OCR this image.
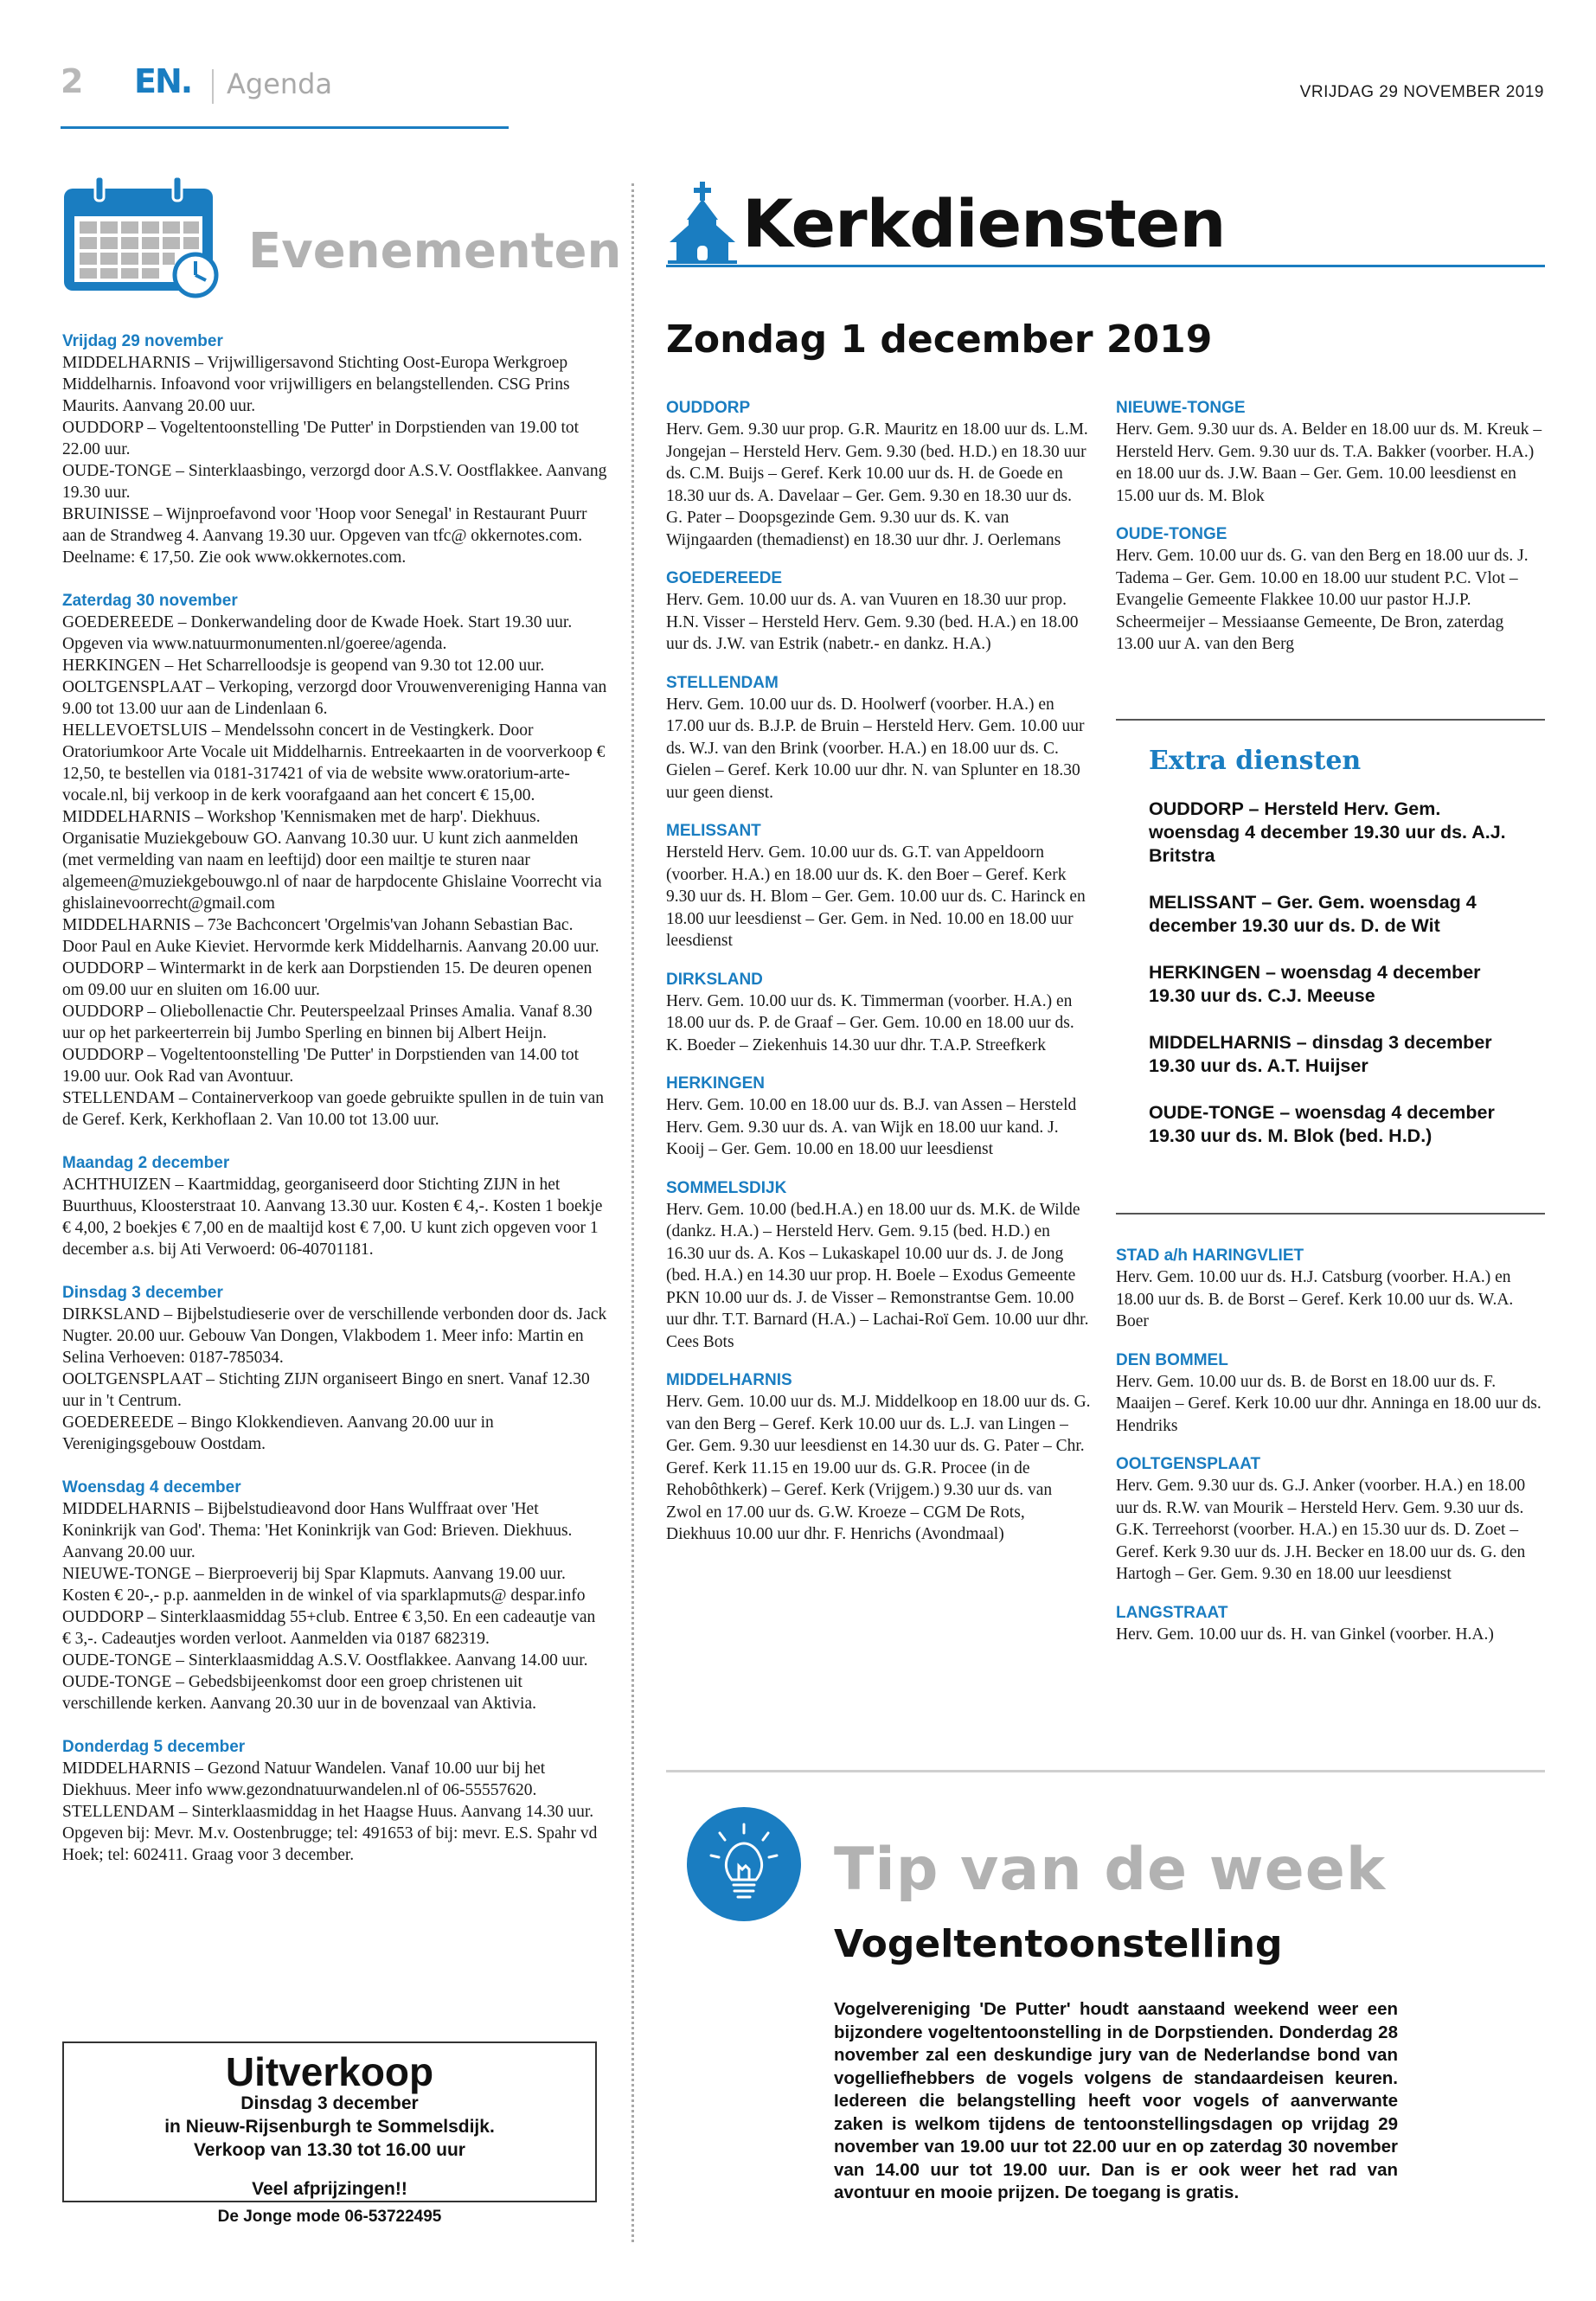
2 EN. Agenda	VRIJDAG 29 NOVEMBER 2019
Evenementen
Vrijdag 29 november
MIDDELHARNIS – Vrijwilligersavond Stichting Oost-Europa Werkgroep Middelharnis. Infoavond voor vrijwilligers en belangstellenden. CSG Prins Maurits. Aanvang 20.00 uur.
OUDDORP – Vogeltentoonstelling 'De Putter' in Dorpstienden van 19.00 tot 22.00 uur.
OUDE-TONGE – Sinterklaasbingo, verzorgd door A.S.V. Oostflakkee. Aanvang 19.30 uur.
BRUINISSE – Wijnproefavond voor 'Hoop voor Senegal' in Restaurant Puurr aan de Strandweg 4. Aanvang 19.30 uur. Opgeven van tfc@ okkernotes.com. Deelname: € 17,50. Zie ook www.okkernotes.com.
Zaterdag 30 november
GOEDEREEDE – Donkerwandeling door de Kwade Hoek. Start 19.30 uur. Opgeven via www.natuurmonumenten.nl/goeree/agenda.
HERKINGEN – Het Scharrelloodsje is geopend van 9.30 tot 12.00 uur.
OOLTGENSPLAAT – Verkoping, verzorgd door Vrouwenvereniging Hanna van 9.00 tot 13.00 uur aan de Lindenlaan 6.
HELLEVOETSLUIS – Mendelssohn concert in de Vestingkerk. Door Oratoriumkoor Arte Vocale uit Middelharnis. Entreekaarten in de voorverkoop € 12,50, te bestellen via 0181-317421 of via de website www.oratorium-arte-vocale.nl, bij verkoop in de kerk voorafgaand aan het concert € 15,00.
MIDDELHARNIS – Workshop 'Kennismaken met de harp'. Diekhuus. Organisatie Muziekgebouw GO. Aanvang 10.30 uur. U kunt zich aanmelden (met vermelding van naam en leeftijd) door een mailtje te sturen naar algemeen@muziekgebouwgo.nl of naar de harpdocente Ghislaine Voorrecht via ghislainevoorrecht@gmail.com
MIDDELHARNIS – 73e Bachconcert 'Orgelmis'van Johann Sebastian Bac. Door Paul en Auke Kieviet. Hervormde kerk Middelharnis. Aanvang 20.00 uur.
OUDDORP – Wintermarkt in de kerk aan Dorpstienden 15. De deuren openen om 09.00 uur en sluiten om 16.00 uur.
OUDDORP – Oliebollenactie Chr. Peuterspeelzaal Prinses Amalia. Vanaf 8.30 uur op het parkeerterrein bij Jumbo Sperling en binnen bij Albert Heijn.
OUDDORP – Vogeltentoonstelling 'De Putter' in Dorpstienden van 14.00 tot 19.00 uur. Ook Rad van Avontuur.
STELLENDAM – Containerverkoop van goede gebruikte spullen in de tuin van de Geref. Kerk, Kerkhoflaan 2. Van 10.00 tot 13.00 uur.
Maandag 2 december
ACHTHUIZEN – Kaartmiddag, georganiseerd door Stichting ZIJN in het Buurthuus, Kloosterstraat 10. Aanvang 13.30 uur. Kosten € 4,-. Kosten 1 boekje € 4,00, 2 boekjes € 7,00 en de maaltijd kost € 7,00. U kunt zich opgeven voor 1 december a.s. bij Ati Verwoerd: 06-40701181.
Dinsdag 3 december
DIRKSLAND – Bijbelstudieserie over de verschillende verbonden door ds. Jack Nugter. 20.00 uur. Gebouw Van Dongen, Vlakbodem 1. Meer info: Martin en Selina Verhoeven: 0187-785034.
OOLTGENSPLAAT – Stichting ZIJN organiseert Bingo en snert. Vanaf 12.30 uur in 't Centrum.
GOEDEREEDE – Bingo Klokkendieven. Aanvang 20.00 uur in Verenigingsgebouw Oostdam.
Woensdag 4 december
MIDDELHARNIS – Bijbelstudieavond door Hans Wulffraat over 'Het Koninkrijk van God'. Thema: 'Het Koninkrijk van God: Brieven. Diekhuus. Aanvang 20.00 uur.
NIEUWE-TONGE – Bierproeverij bij Spar Klapmuts. Aanvang 19.00 uur. Kosten € 20-,- p.p. aanmelden in de winkel of via sparklapmuts@ despar.info
OUDDORP – Sinterklaasmiddag 55+club. Entree € 3,50. En een cadeautje van € 3,-. Cadeautjes worden verloot. Aanmelden via 0187 682319.
OUDE-TONGE – Sinterklaasmiddag A.S.V. Oostflakkee. Aanvang 14.00 uur.
OUDE-TONGE – Gebedsbijeenkomst door een groep christenen uit verschillende kerken. Aanvang 20.30 uur in de bovenzaal van Aktivia.
Donderdag 5 december
MIDDELHARNIS – Gezond Natuur Wandelen. Vanaf 10.00 uur bij het Diekhuus. Meer info www.gezondnatuurwandelen.nl of 06-55557620.
STELLENDAM – Sinterklaasmiddag in het Haagse Huus. Aanvang 14.30 uur. Opgeven bij: Mevr. M.v. Oostenbrugge; tel: 491653 of bij: mevr. E.S. Spahr vd Hoek; tel: 602411. Graag voor 3 december.
Uitverkoop
Dinsdag 3 december
in Nieuw-Rijsenburgh te Sommelsdijk.
Verkoop van 13.30 tot 16.00 uur
Veel afprijzingen!!
De Jonge mode 06-53722495
Kerkdiensten
Zondag 1 december 2019
OUDDORP
Herv. Gem. 9.30 uur prop. G.R. Mauritz en 18.00 uur ds. L.M. Jongejan – Hersteld Herv. Gem. 9.30 (bed. H.D.) en 18.30 uur ds. C.M. Buijs – Geref. Kerk 10.00 uur ds. H. de Goede en 18.30 uur ds. A. Davelaar – Ger. Gem. 9.30 en 18.30 uur ds. G. Pater – Doopsgezinde Gem. 9.30 uur ds. K. van Wijngaarden (themadienst) en 18.30 uur dhr. J. Oerlemans
GOEDEREEDE
Herv. Gem. 10.00 uur ds. A. van Vuuren en 18.30 uur prop. H.N. Visser – Hersteld Herv. Gem. 9.30 (bed. H.A.) en 18.00 uur ds. J.W. van Estrik (nabetr.- en dankz. H.A.)
STELLENDAM
Herv. Gem. 10.00 uur ds. D. Hoolwerf (voorber. H.A.) en 17.00 uur ds. B.J.P. de Bruin – Hersteld Herv. Gem. 10.00 uur ds. W.J. van den Brink (voorber. H.A.) en 18.00 uur ds. C. Gielen – Geref. Kerk 10.00 uur dhr. N. van Splunter en 18.30 uur geen dienst.
MELISSANT
Hersteld Herv. Gem. 10.00 uur ds. G.T. van Appeldoorn (voorber. H.A.) en 18.00 uur ds. K. den Boer – Geref. Kerk 9.30 uur ds. H. Blom – Ger. Gem. 10.00 uur ds. C. Harinck en 18.00 uur leesdienst – Ger. Gem. in Ned. 10.00 en 18.00 uur leesdienst
DIRKSLAND
Herv. Gem. 10.00 uur ds. K. Timmerman (voorber. H.A.) en 18.00 uur ds. P. de Graaf – Ger. Gem. 10.00 en 18.00 uur ds. K. Boeder – Ziekenhuis 14.30 uur dhr. T.A.P. Streefkerk
HERKINGEN
Herv. Gem. 10.00 en 18.00 uur ds. B.J. van Assen – Hersteld Herv. Gem. 9.30 uur ds. A. van Wijk en 18.00 uur kand. J. Kooij – Ger. Gem. 10.00 en 18.00 uur leesdienst
SOMMELSDIJK
Herv. Gem. 10.00 (bed.H.A.) en 18.00 uur ds. M.K. de Wilde (dankz. H.A.) – Hersteld Herv. Gem. 9.15 (bed. H.D.) en 16.30 uur ds. A. Kos – Lukaskapel 10.00 uur ds. J. de Jong (bed. H.A.) en 14.30 uur prop. H. Boele – Exodus Gemeente PKN 10.00 uur ds. J. de Visser – Remonstrantse Gem. 10.00 uur dhr. T.T. Barnard (H.A.) – Lachai-Roï Gem. 10.00 uur dhr. Cees Bots
MIDDELHARNIS
Herv. Gem. 10.00 uur ds. M.J. Middelkoop en 18.00 uur ds. G. van den Berg – Geref. Kerk 10.00 uur ds. L.J. van Lingen – Ger. Gem. 9.30 uur leesdienst en 14.30 uur ds. G. Pater – Chr. Geref. Kerk 11.15 en 19.00 uur ds. G.R. Procee (in de Rehobôthkerk) – Geref. Kerk (Vrijgem.) 9.30 uur ds. van Zwol en 17.00 uur ds. G.W. Kroeze – CGM De Rots, Diekhuus 10.00 uur dhr. F. Henrichs (Avondmaal)
NIEUWE-TONGE
Herv. Gem. 9.30 uur ds. A. Belder en 18.00 uur ds. M. Kreuk – Hersteld Herv. Gem. 9.30 uur ds. T.A. Bakker (voorber. H.A.) en 18.00 uur ds. J.W. Baan – Ger. Gem. 10.00 leesdienst en 15.00 uur ds. M. Blok
OUDE-TONGE
Herv. Gem. 10.00 uur ds. G. van den Berg en 18.00 uur ds. J. Tadema – Ger. Gem. 10.00 en 18.00 uur student P.C. Vlot – Evangelie Gemeente Flakkee 10.00 uur pastor H.J.P. Scheermeijer – Messiaanse Gemeente, De Bron, zaterdag 13.00 uur A. van den Berg
Extra diensten
OUDDORP – Hersteld Herv. Gem. woensdag 4 december 19.30 uur ds. A.J. Britstra
MELISSANT – Ger. Gem. woensdag 4 december 19.30 uur ds. D. de Wit
HERKINGEN – woensdag 4 december 19.30 uur ds. C.J. Meeuse
MIDDELHARNIS – dinsdag 3 december 19.30 uur ds. A.T. Huijser
OUDE-TONGE – woensdag 4 december 19.30 uur ds. M. Blok (bed. H.D.)
STAD a/h HARINGVLIET
Herv. Gem. 10.00 uur ds. H.J. Catsburg (voorber. H.A.) en 18.00 uur ds. B. de Borst – Geref. Kerk 10.00 uur ds. W.A. Boer
DEN BOMMEL
Herv. Gem. 10.00 uur ds. B. de Borst en 18.00 uur ds. F. Maaijen – Geref. Kerk 10.00 uur dhr. Anninga en 18.00 uur ds. Hendriks
OOLTGENSPLAAT
Herv. Gem. 9.30 uur ds. G.J. Anker (voorber. H.A.) en 18.00 uur ds. R.W. van Mourik – Hersteld Herv. Gem. 9.30 uur ds. G.K. Terreehorst (voorber. H.A.) en 15.30 uur ds. D. Zoet – Geref. Kerk 9.30 uur ds. J.H. Becker en 18.00 uur ds. G. den Hartogh – Ger. Gem. 9.30 en 18.00 uur leesdienst
LANGSTRAAT
Herv. Gem. 10.00 uur ds. H. van Ginkel (voorber. H.A.)
Tip van de week
Vogeltentoonstelling
Vogelvereniging 'De Putter' houdt aanstaand weekend weer een bijzondere vogeltentoonstelling in de Dorpstienden. Donderdag 28 november zal een deskundige jury van de Nederlandse bond van vogelliefhebbers de vogels volgens de standaardeisen keuren. Iedereen die belangstelling heeft voor vogels of aanverwante zaken is welkom tijdens de tentoonstellingsdagen op vrijdag 29 november van 19.00 uur tot 22.00 uur en op zaterdag 30 november van 14.00 uur tot 19.00 uur. Dan is er ook weer het rad van avontuur en mooie prijzen. De toegang is gratis.
